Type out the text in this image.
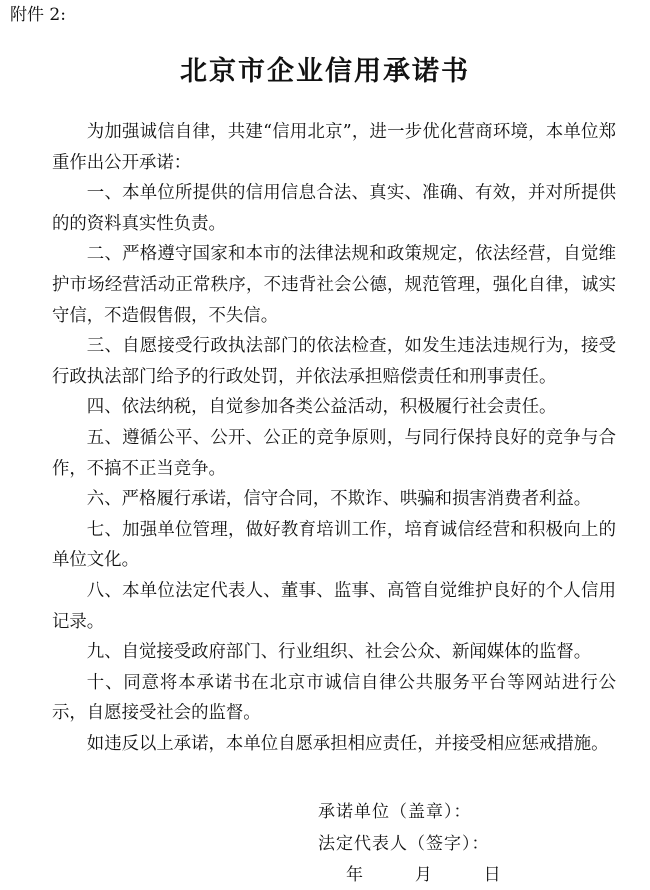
附件 2:
北京市企业信用承诺书

为加强诚信自律，共建“信用北京”，进一步优化营商环境，本单位郑重作出公开承诺：

一、本单位所提供的信用信息合法、真实、准确、有效，并对所提供的的资料真实性负责。

二、严格遵守国家和本市的法律法规和政策规定，依法经营，自觉维护市场经营活动正常秩序，不违背社会公德，规范管理，强化自律，诚实守信，不造假售假，不失信。

三、自愿接受行政执法部门的依法检查，如发生违法违规行为，接受行政执法部门给予的行政处罚，并依法承担赔偿责任和刑事责任。

四、依法纳税，自觉参加各类公益活动，积极履行社会责任。

五、遵循公平、公开、公正的竞争原则，与同行保持良好的竞争与合作，不搞不正当竞争。

六、严格履行承诺，信守合同，不欺诈、哄骗和损害消费者利益。

七、加强单位管理，做好教育培训工作，培育诚信经营和积极向上的单位文化。

八、本单位法定代表人、董事、监事、高管自觉维护良好的个人信用记录。

九、自觉接受政府部门、行业组织、社会公众、新闻媒体的监督。

十、同意将本承诺书在北京市诚信自律公共服务平台等网站进行公示，自愿接受社会的监督。

如违反以上承诺，本单位自愿承担相应责任，并接受相应惩戒措施。

承诺单位（盖章）：
法定代表人（签字）：
年	月	日
